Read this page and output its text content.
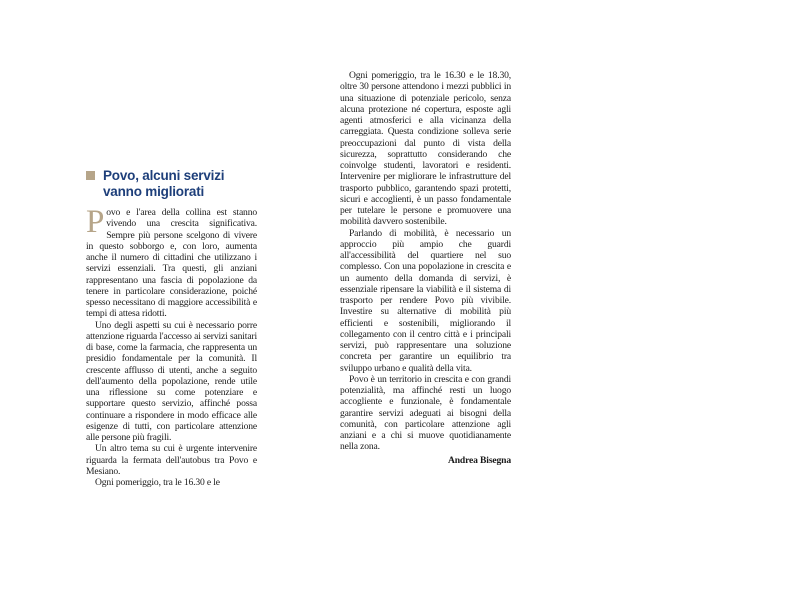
Povo, alcuni servizi
vanno migliorati

Povo e l'area della collina est stanno vivendo una crescita significativa. Sempre più persone scelgono di vivere in questo sobborgo e, con loro, aumenta anche il numero di cittadini che utilizzano i servizi essenziali. Tra questi, gli anziani rappresentano una fascia di popolazione da tenere in particolare considerazione, poiché spesso necessitano di maggiore accessibilità e tempi di attesa ridotti.

Uno degli aspetti su cui è necessario porre attenzione riguarda l'accesso ai servizi sanitari di base, come la farmacia, che rappresenta un presidio fondamentale per la comunità. Il crescente afflusso di utenti, anche a seguito dell'aumento della popolazione, rende utile una riflessione su come potenziare e supportare questo servizio, affinché possa continuare a rispondere in modo efficace alle esigenze di tutti, con particolare attenzione alle persone più fragili.

Un altro tema su cui è urgente intervenire riguarda la fermata dell'autobus tra Povo e Mesiano.

Ogni pomeriggio, tra le 16.30 e le

Ogni pomeriggio, tra le 16.30 e le 18.30, oltre 30 persone attendono i mezzi pubblici in una situazione di potenziale pericolo, senza alcuna protezione né copertura, esposte agli agenti atmosferici e alla vicinanza della carreggiata. Questa condizione solleva serie preoccupazioni dal punto di vista della sicurezza, soprattutto considerando che coinvolge studenti, lavoratori e residenti. Intervenire per migliorare le infrastrutture del trasporto pubblico, garantendo spazi protetti, sicuri e accoglienti, è un passo fondamentale per tutelare le persone e promuovere una mobilità davvero sostenibile.

Parlando di mobilità, è necessario un approccio più ampio che guardi all'accessibilità del quartiere nel suo complesso. Con una popolazione in crescita e un aumento della domanda di servizi, è essenziale ripensare la viabilità e il sistema di trasporto per rendere Povo più vivibile. Investire su alternative di mobilità più efficienti e sostenibili, migliorando il collegamento con il centro città e i principali servizi, può rappresentare una soluzione concreta per garantire un equilibrio tra sviluppo urbano e qualità della vita.

Povo è un territorio in crescita e con grandi potenzialità, ma affinché resti un luogo accogliente e funzionale, è fondamentale garantire servizi adeguati ai bisogni della comunità, con particolare attenzione agli anziani e a chi si muove quotidianamente nella zona.

Andrea Bisegna
